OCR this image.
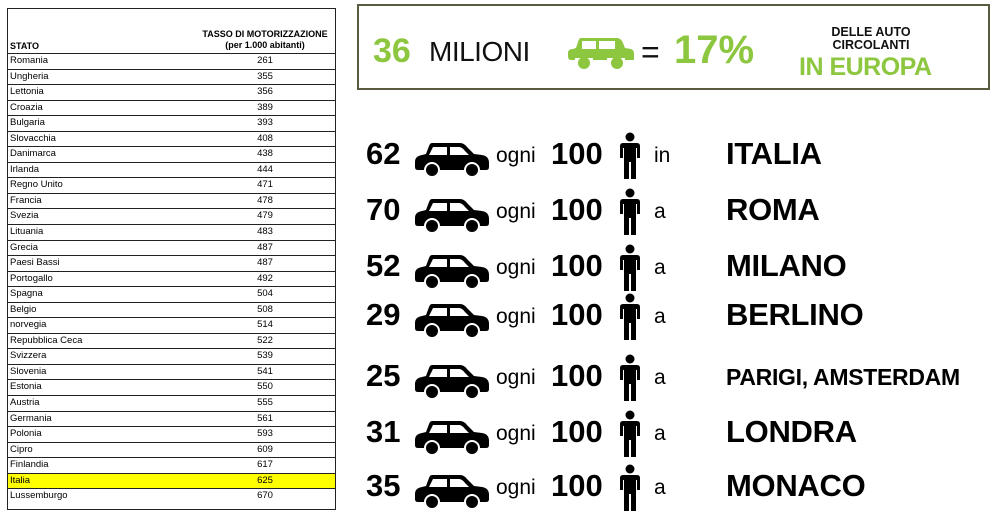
STATO
TASSO DI MOTORIZZAZIONE
(per 1.000 abitanti)
Romania	261
Ungheria	355
Lettonia	356
Croazia	389
Bulgaria	393
Slovacchia	408
Danimarca	438
Irlanda	444
Regno Unito	471
Francia	478
Svezia	479
Lituania	483
Grecia	487
Paesi Bassi	487
Portogallo	492
Spagna	504
Belgio	508
norvegia	514
Repubblica Ceca	522
Svizzera	539
Slovenia	541
Estonia	550
Austria	555
Germania	561
Polonia	593
Cipro	609
Finlandia	617
Italia	625
Lussemburgo	670
36 MILIONI	= 17%	DELLE AUTO
CIRCOLANTI
IN EUROPA
62	ogni 100 in ITALIA
70	ogni 100 a ROMA
52	ogni 100 a MILANO
29	ogni 100 a BERLINO
25	ogni 100 a	PARIGI, AMSTERDAM
31	ogni 100 a LONDRA
35	ogni 100 a MONACO
